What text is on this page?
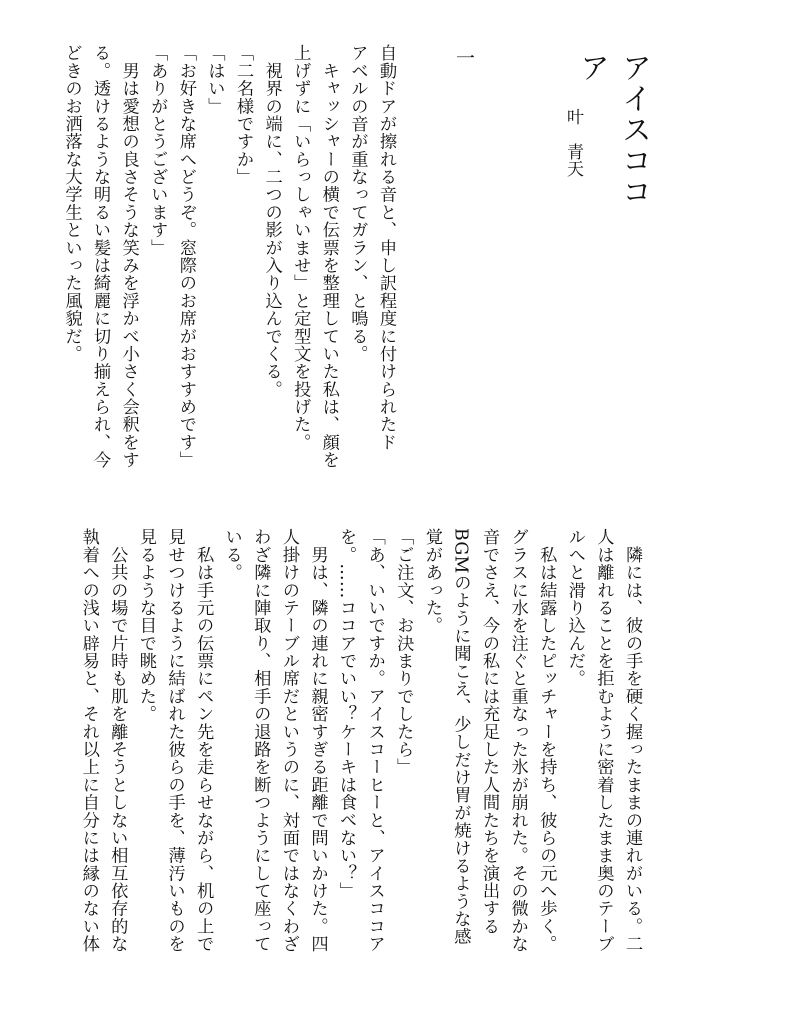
アイスココア
叶青天
一
自動ドアが擦れる音と、申し訳程度に付けられたド
アベルの音が重なってガラン、と鳴る。
　キャッシャーの横で伝票を整理していた私は、顔を
上げずに「いらっしゃいませ」と定型文を投げた。
　視界の端に、二つの影が入り込んでくる。
「二名様ですか」
「はい」
「お好きな席へどうぞ。窓際のお席がおすすめです」
「ありがとうございます」
　男は愛想の良さそうな笑みを浮かべ小さく会釈をす
る。透けるような明るい髪は綺麗に切り揃えられ、今
どきのお洒落な大学生といった風貌だ。
　隣には、彼の手を硬く握ったままの連れがいる。二
人は離れることを拒むように密着したまま奥のテーブ
ルへと滑り込んだ。
　私は結露したピッチャーを持ち、彼らの元へ歩く。
グラスに水を注ぐと重なった氷が崩れた。その微かな
音でさえ、今の私には充足した人間たちを演出する
BGMのように聞こえ、少しだけ胃が焼けるような感
覚があった。
「ご注文、お決まりでしたら」
「あ、いいですか。アイスコーヒーと、アイスココア
を。……ココアでいい？ケーキは食べない？」
　男は、隣の連れに親密すぎる距離で問いかけた。四
人掛けのテーブル席だというのに、対面ではなくわざ
わざ隣に陣取り、相手の退路を断つようにして座って
いる。
　私は手元の伝票にペン先を走らせながら、机の上で
見せつけるように結ばれた彼らの手を、薄汚いものを
見るような目で眺めた。
　公共の場で片時も肌を離そうとしない相互依存的な
執着への浅い辟易と、それ以上に自分には縁のない体
